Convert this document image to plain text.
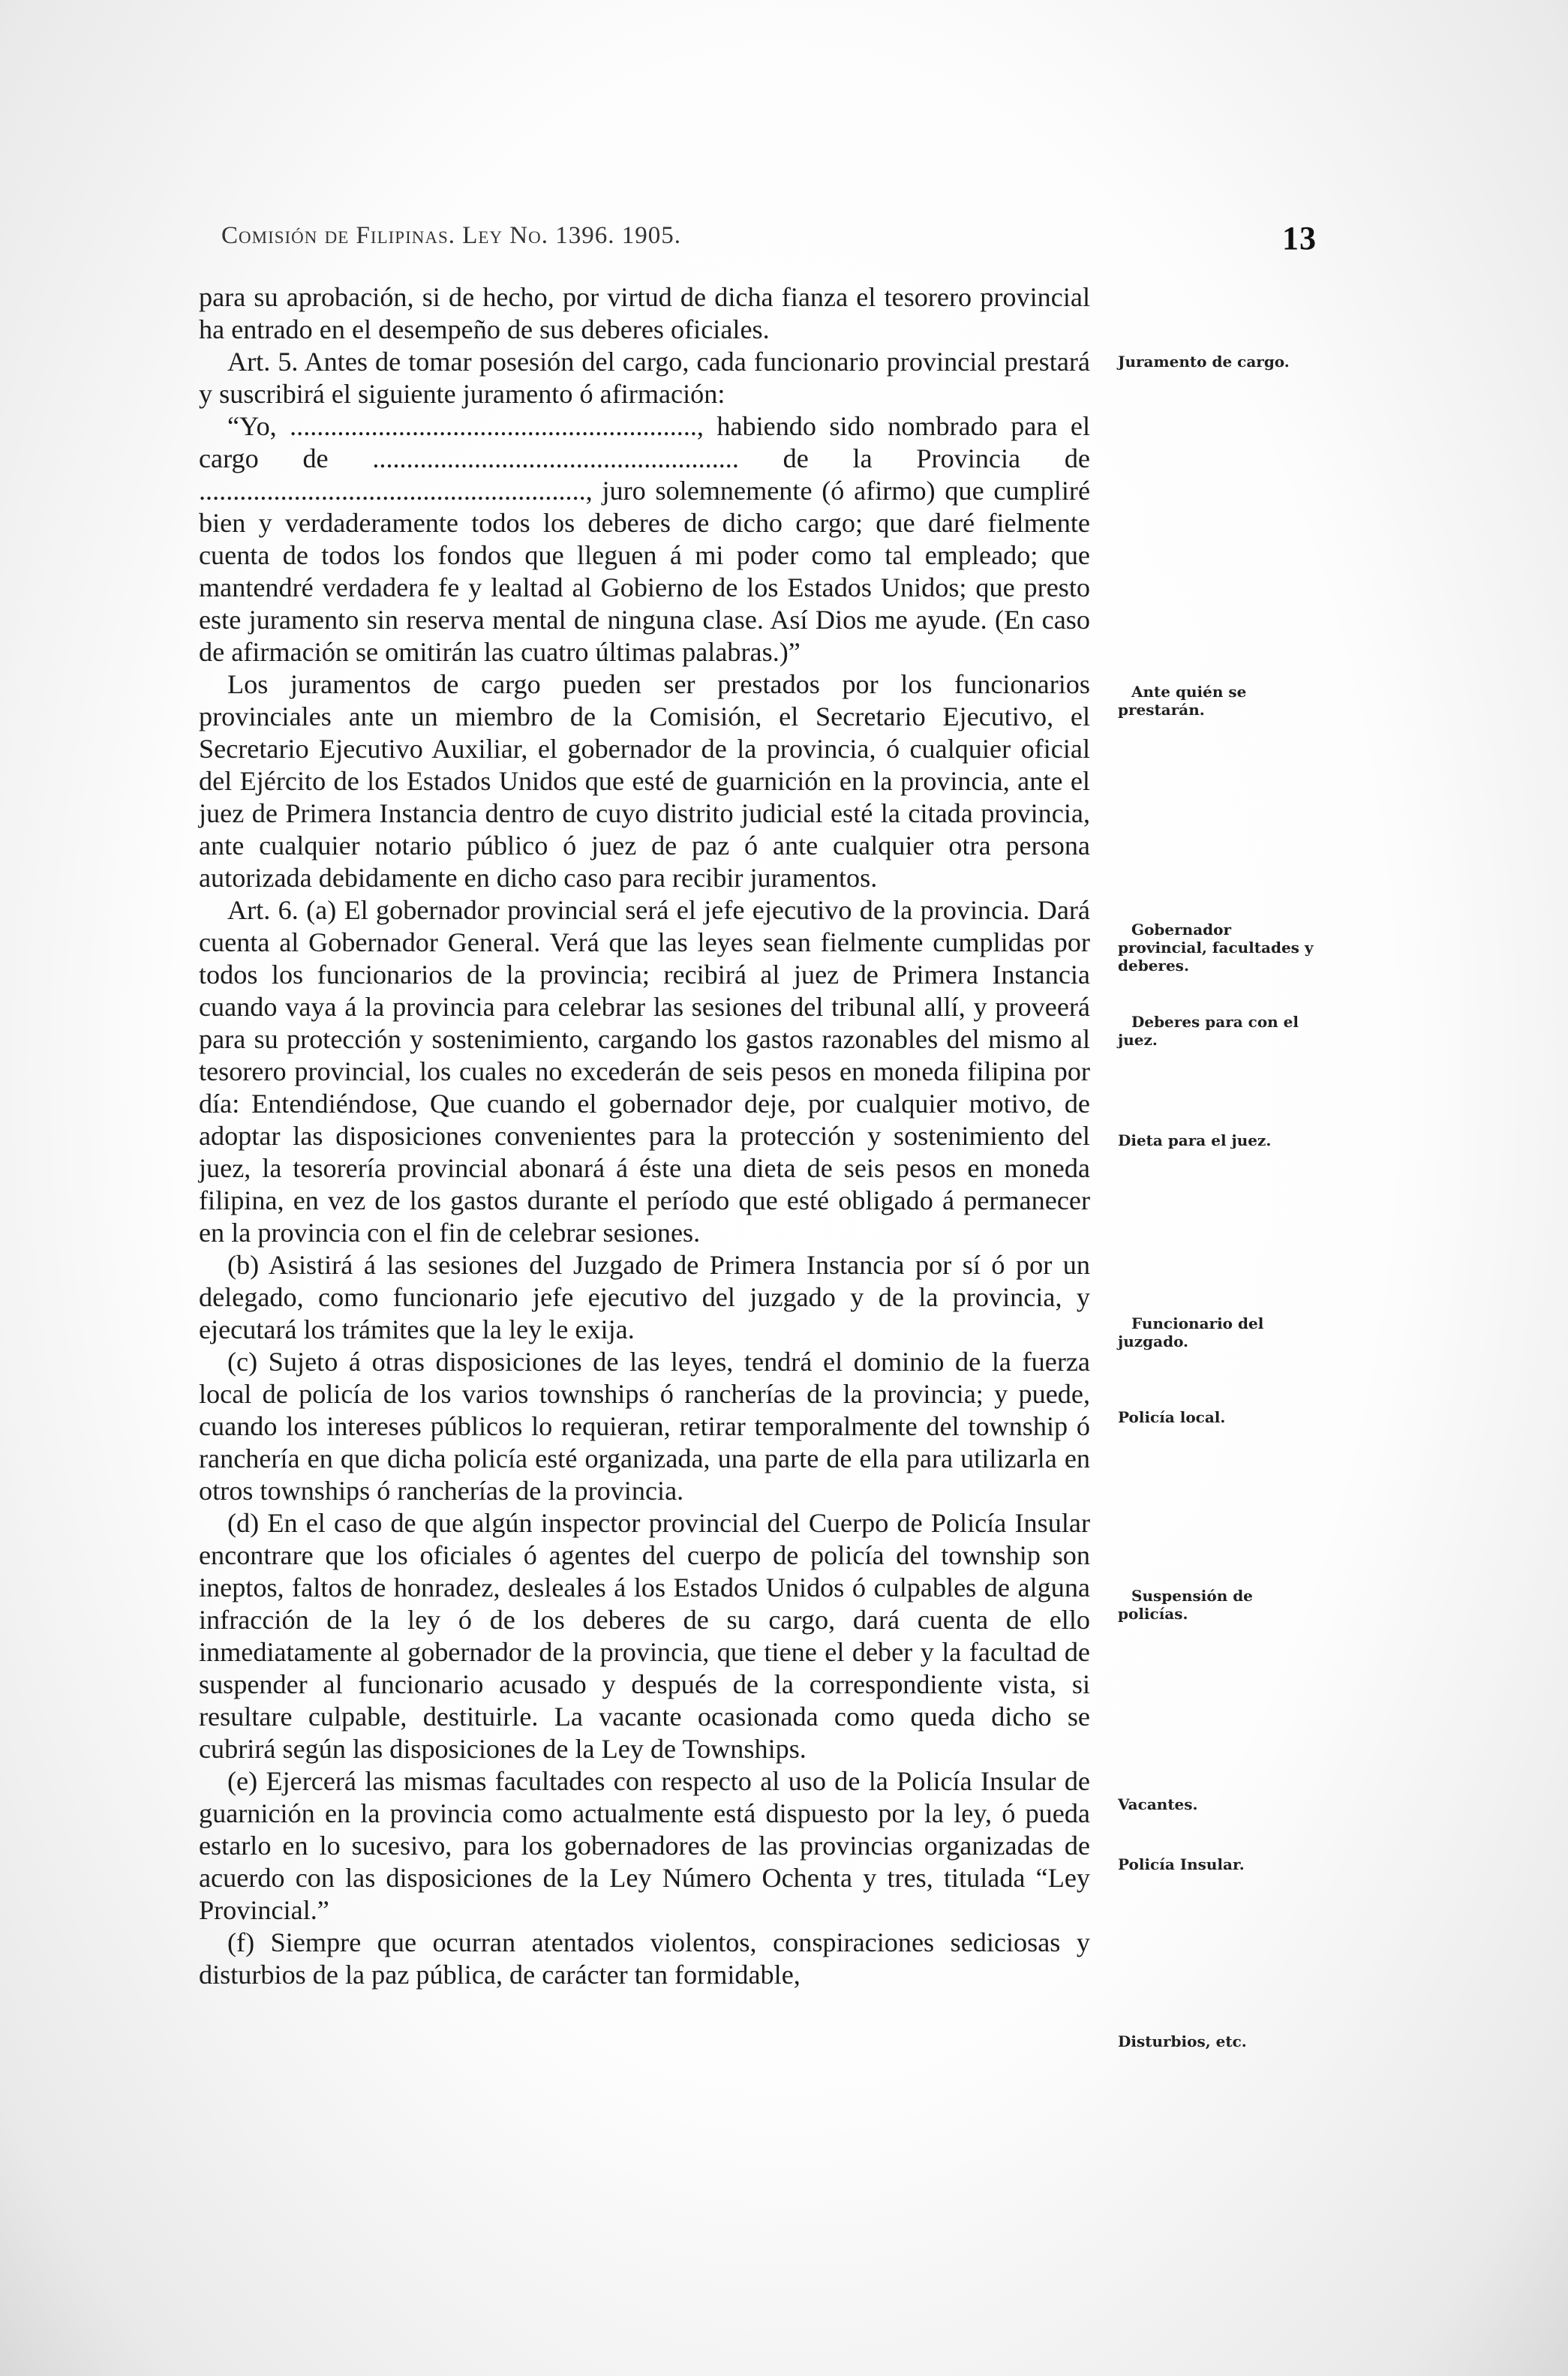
Comisión de Filipinas. Ley No. 1396. 1905.	13

para su aprobación, si de hecho, por virtud de dicha fianza el tesorero provincial ha entrado en el desempeño de sus deberes oficiales.

Art. 5. Antes de tomar posesión del cargo, cada funcionario provincial prestará y suscribirá el siguiente juramento ó afirmación:

“Yo, ............................................................, habiendo sido nombrado para el cargo de ...................................................... de la Provincia de ........................................................., juro solemnemente (ó afirmo) que cumpliré bien y verdaderamente todos los deberes de dicho cargo; que daré fielmente cuenta de todos los fondos que lleguen á mi poder como tal empleado; que mantendré verdadera fe y lealtad al Gobierno de los Estados Unidos; que presto este juramento sin reserva mental de ninguna clase. Así Dios me ayude. (En caso de afirmación se omitirán las cuatro últimas palabras.)”

Los juramentos de cargo pueden ser prestados por los funcionarios provinciales ante un miembro de la Comisión, el Secretario Ejecutivo, el Secretario Ejecutivo Auxiliar, el gobernador de la provincia, ó cualquier oficial del Ejército de los Estados Unidos que esté de guarnición en la provincia, ante el juez de Primera Instancia dentro de cuyo distrito judicial esté la citada provincia, ante cualquier notario público ó juez de paz ó ante cualquier otra persona autorizada debidamente en dicho caso para recibir juramentos.

Art. 6. (a) El gobernador provincial será el jefe ejecutivo de la provincia. Dará cuenta al Gobernador General. Verá que las leyes sean fielmente cumplidas por todos los funcionarios de la provincia; recibirá al juez de Primera Instancia cuando vaya á la provincia para celebrar las sesiones del tribunal allí, y proveerá para su protección y sostenimiento, cargando los gastos razonables del mismo al tesorero provincial, los cuales no excederán de seis pesos en moneda filipina por día: Entendiéndose, Que cuando el gobernador deje, por cualquier motivo, de adoptar las disposiciones convenientes para la protección y sostenimiento del juez, la tesorería provincial abonará á éste una dieta de seis pesos en moneda filipina, en vez de los gastos durante el período que esté obligado á permanecer en la provincia con el fin de celebrar sesiones.

(b) Asistirá á las sesiones del Juzgado de Primera Instancia por sí ó por un delegado, como funcionario jefe ejecutivo del juzgado y de la provincia, y ejecutará los trámites que la ley le exija.

(c) Sujeto á otras disposiciones de las leyes, tendrá el dominio de la fuerza local de policía de los varios townships ó rancherías de la provincia; y puede, cuando los intereses públicos lo requieran, retirar temporalmente del township ó ranchería en que dicha policía esté organizada, una parte de ella para utilizarla en otros townships ó rancherías de la provincia.

(d) En el caso de que algún inspector provincial del Cuerpo de Policía Insular encontrare que los oficiales ó agentes del cuerpo de policía del township son ineptos, faltos de honradez, desleales á los Estados Unidos ó culpables de alguna infracción de la ley ó de los deberes de su cargo, dará cuenta de ello inmediatamente al gobernador de la provincia, que tiene el deber y la facultad de suspender al funcionario acusado y después de la correspondiente vista, si resultare culpable, destituirle. La vacante ocasionada como queda dicho se cubrirá según las disposiciones de la Ley de Townships.

(e) Ejercerá las mismas facultades con respecto al uso de la Policía Insular de guarnición en la provincia como actualmente está dispuesto por la ley, ó pueda estarlo en lo sucesivo, para los gobernadores de las provincias organizadas de acuerdo con las disposiciones de la Ley Número Ochenta y tres, titulada “Ley Provincial.”

(f) Siempre que ocurran atentados violentos, conspiraciones sediciosas y disturbios de la paz pública, de carácter tan formidable,

Juramento de cargo.

Ante quién se prestarán.

Gobernador provincial, facultades y deberes.

Deberes para con el juez.

Dieta para el juez.

Funcionario del juzgado.

Policía local.

Suspensión de policías.

Vacantes.

Policía Insular.

Disturbios, etc.
